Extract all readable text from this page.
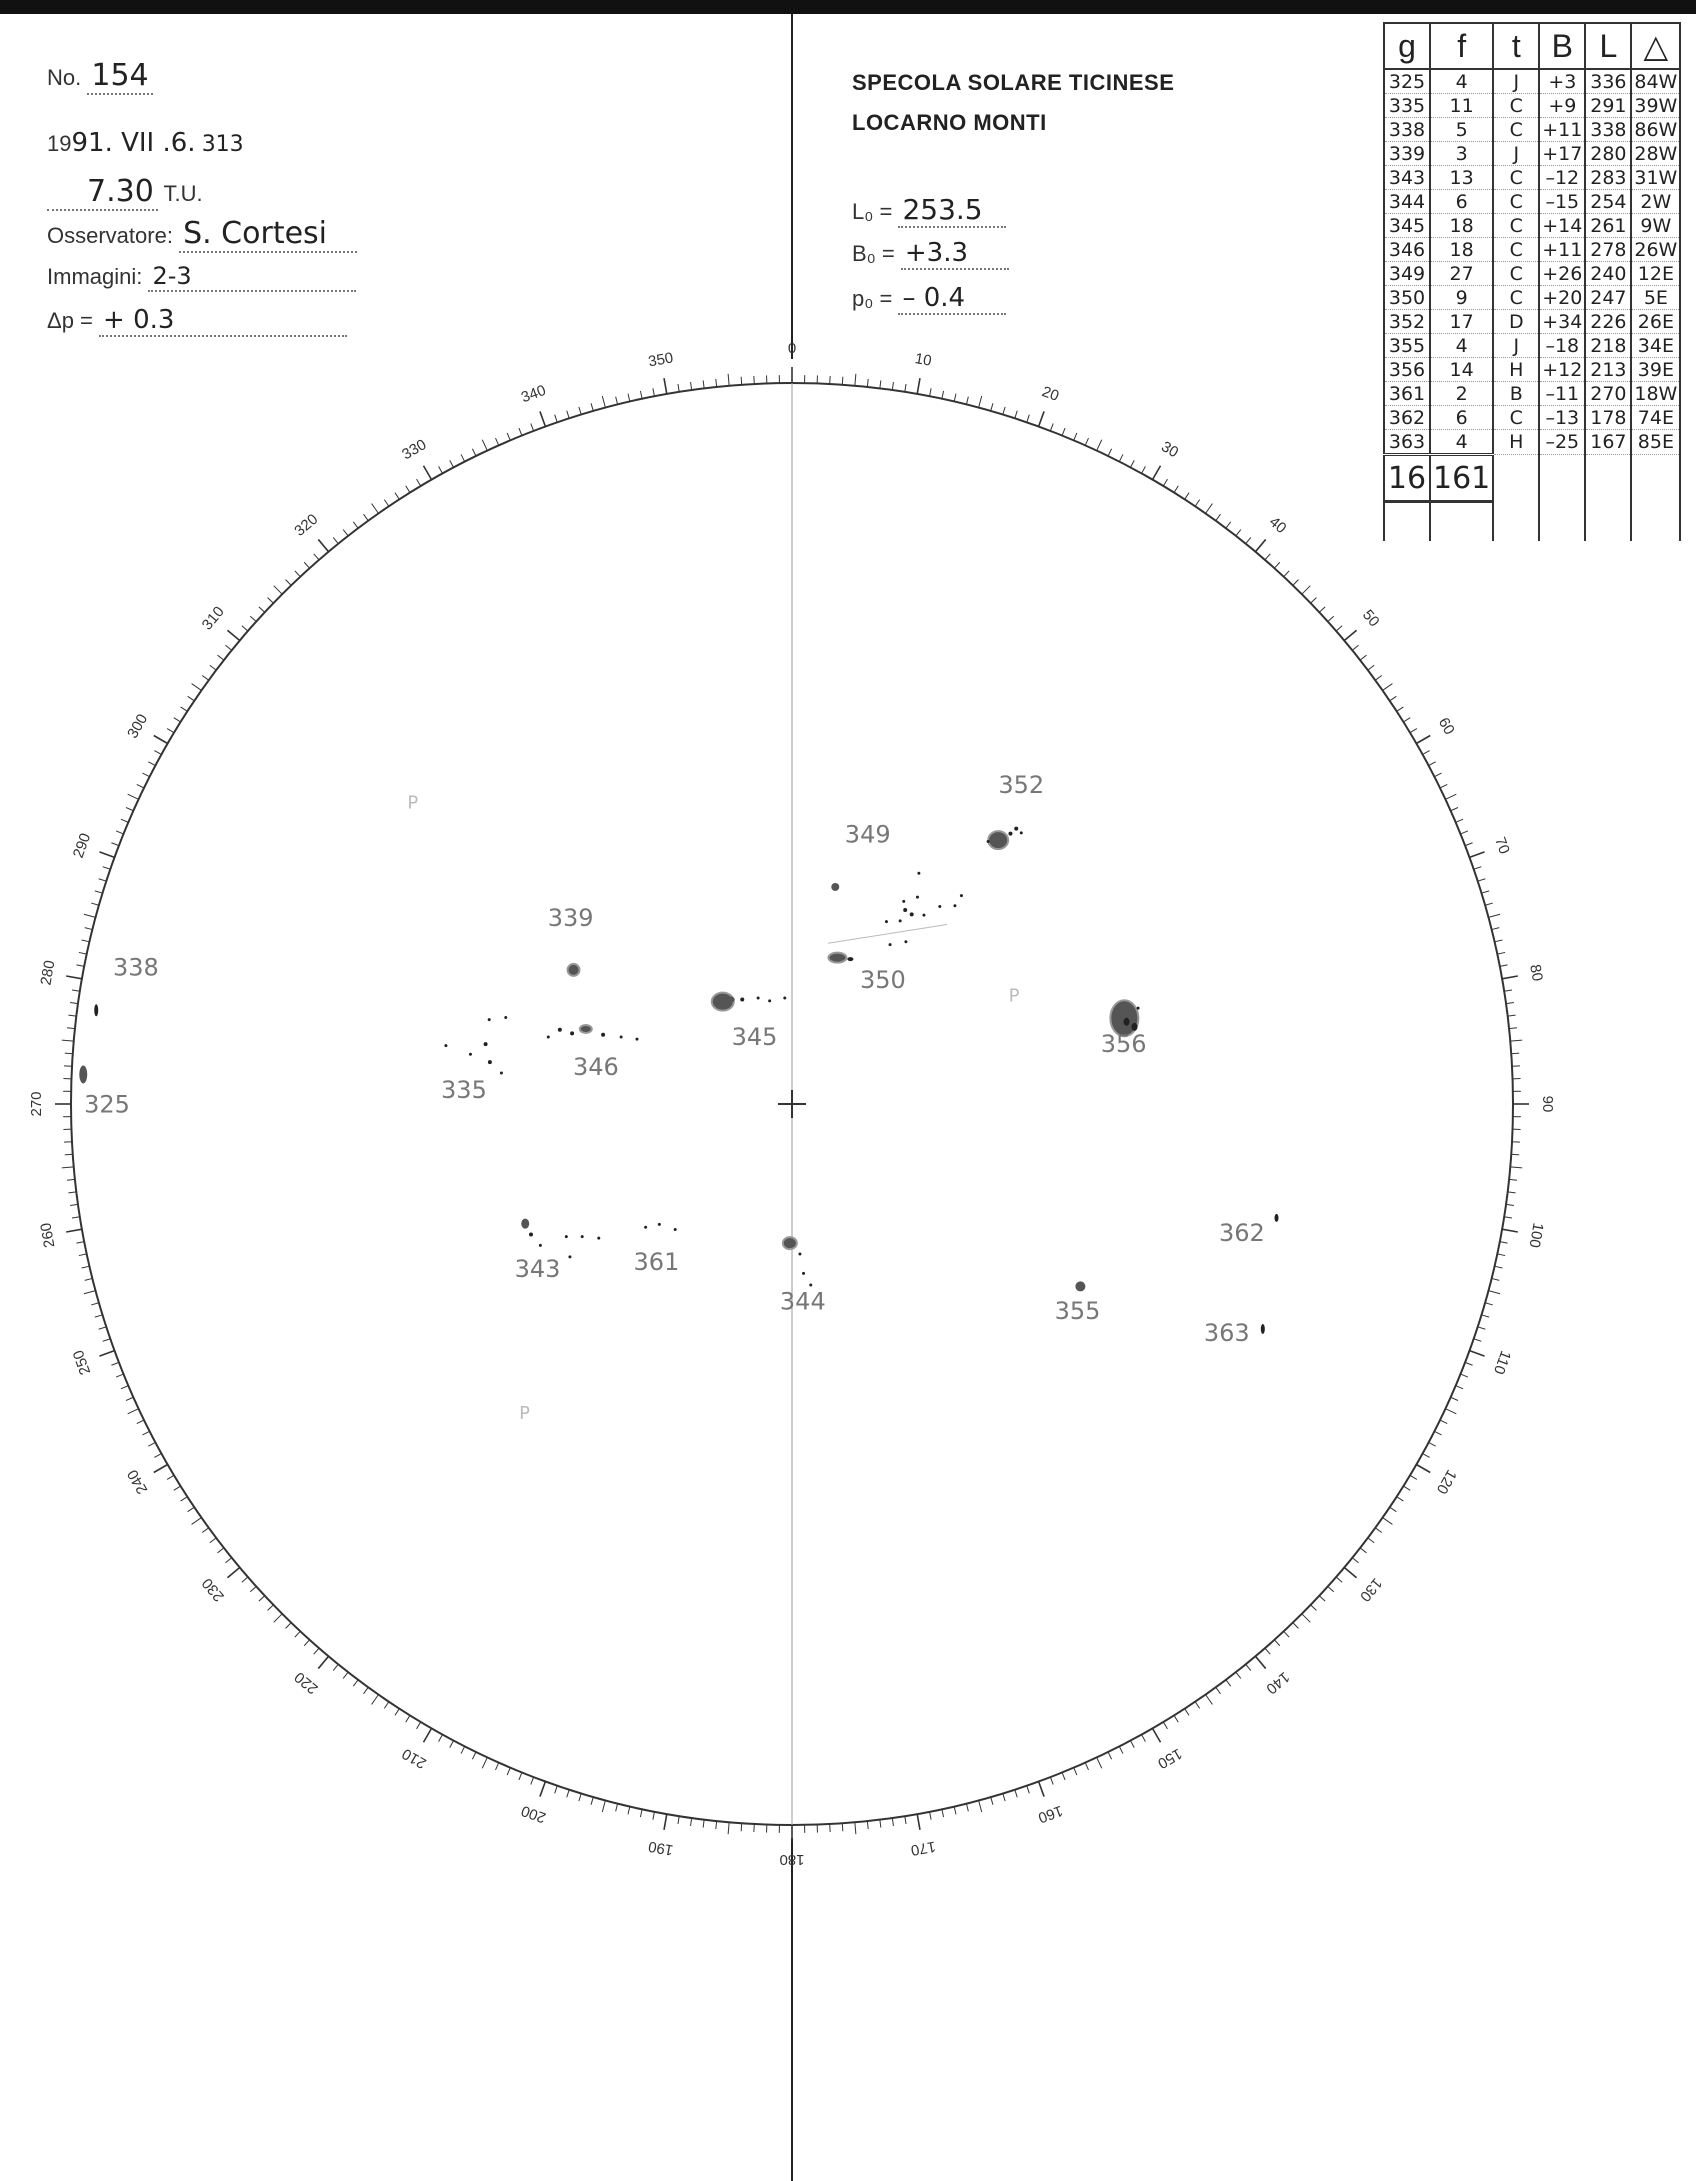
No. 154
1991. VII .6. 313
7.30 T.U.
Osservatore: S. Cortesi
Immagini: 2-3
Δp = + 0.3
SPECOLA SOLARE TICINESE
LOCARNO MONTI
L₀ = 253.5
B₀ = +3.3
p₀ = – 0.4
g	f	t	B	L	△
325	4	J	+3	336	84W
335	11	C	+9	291	39W
338	5	C	+11	338	86W
339	3	J	+17	280	28W
343	13	C	–12	283	31W
344	6	C	–15	254	2W
345	18	C	+14	261	9W
346	18	C	+11	278	26W
349	27	C	+26	240	12E
350	9	C	+20	247	5E
352	17	D	+34	226	26E
355	4	J	–18	218	34E
356	14	H	+12	213	39E
361	2	B	–11	270	18W
362	6	C	–13	178	74E
363	4	H	–25	167	85E
16	161				

0
10
20
30
40
50
60
70
80
90
100
110
120
130
140
150
160
170
180
190
200
210
220
230
240
250
260
270
280
290
300
310
320
330
340
350
325
335
338
339
343
344
345
346
349
350
352
355
356
361
362
363
P
P
P
